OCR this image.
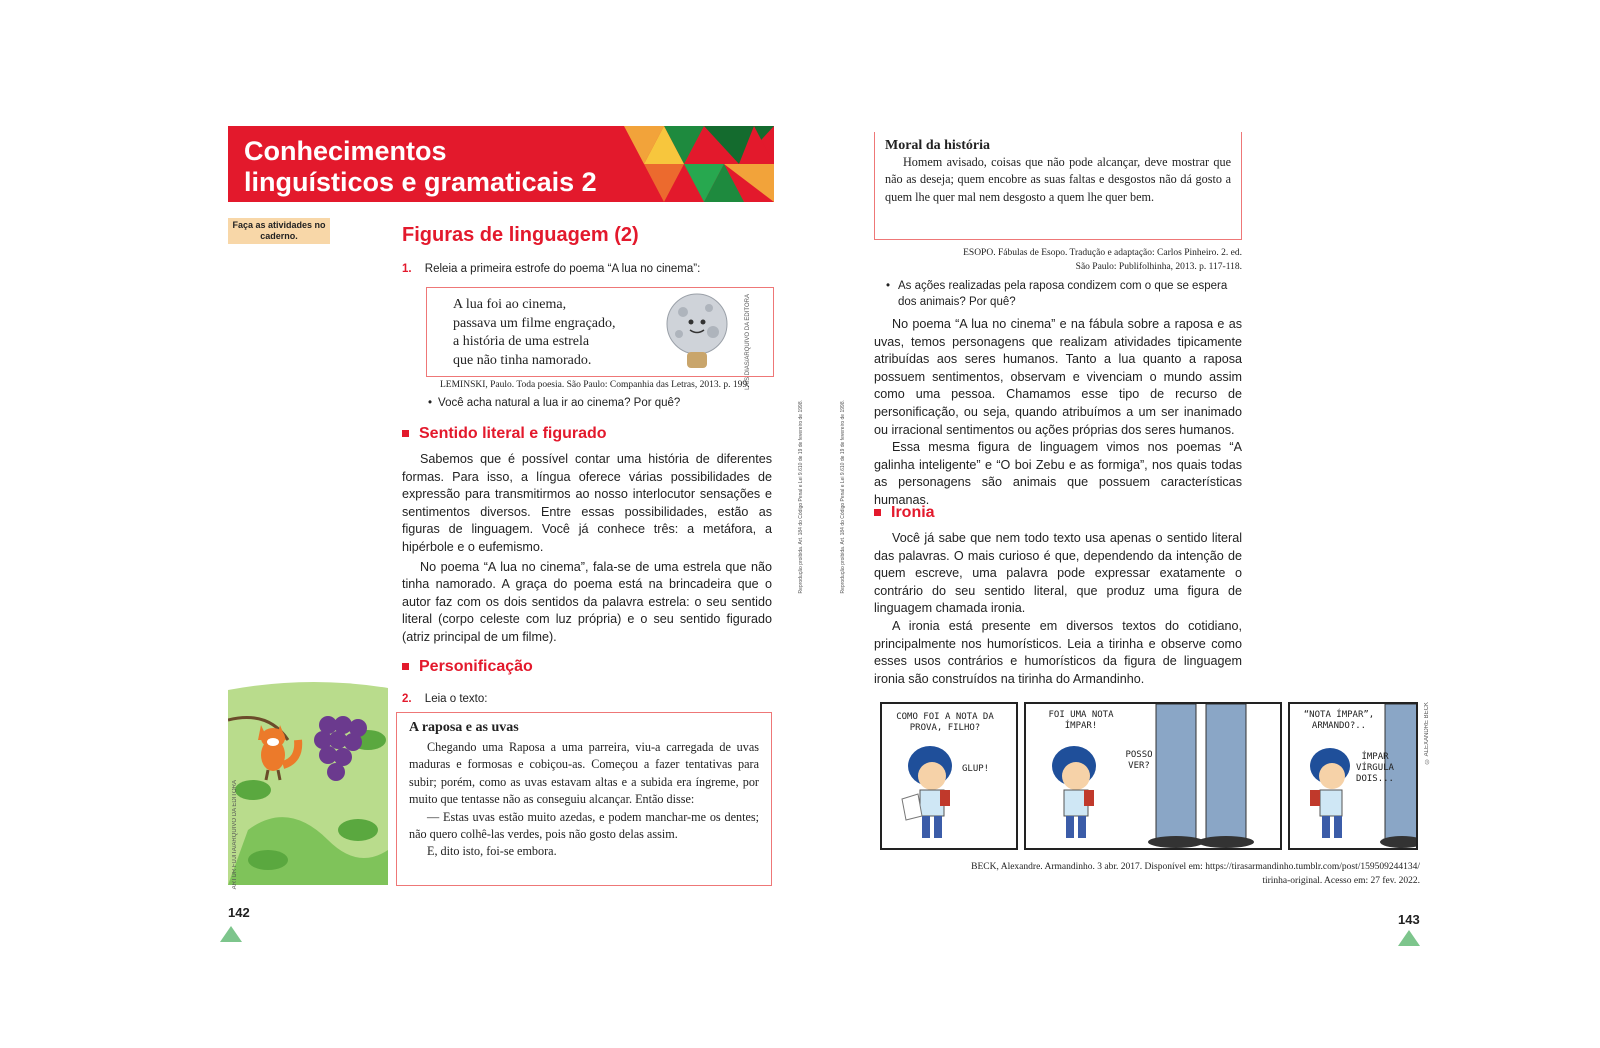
Conhecimentos
linguísticos e gramaticais 2
Faça as atividades no caderno.	Figuras de linguagem (2)
1. Releia a primeira estrofe do poema “A lua no cinema”:
A lua foi ao cinema,
passava um filme engraçado,
a história de uma estrela
que não tinha namorado.	LAÍS DIAS/ARQUIVO DA EDITORA
LEMINSKI, Paulo. Toda poesia. São Paulo: Companhia das Letras, 2013. p. 199.
• Você acha natural a lua ir ao cinema? Por quê?
Sentido literal e figurado

Sabemos que é possível contar uma história de diferentes formas. Para isso, a língua oferece várias possibilidades de expressão para transmitirmos ao nosso interlocutor sensações e sentimentos diversos. Entre essas possibilidades, estão as figuras de linguagem. Você já conhece três: a metáfora, a hipérbole e o eufemismo.

No poema “A lua no cinema”, fala-se de uma estrela que não tinha namorado. A graça do poema está na brincadeira que o autor faz com os dois sentidos da palavra estrela: o seu sentido literal (corpo celeste com luz própria) e o seu sentido figurado (atriz principal de um filme).

Personificação
2. Leia o texto:
A raposa e as uvas

Chegando uma Raposa a uma parreira, viu-a carregada de uvas maduras e formosas e cobiçou-as. Começou a fazer tentativas para subir; porém, como as uvas estavam altas e a subida era íngreme, por muito que tentasse não as conseguiu alcançar. Então disse:

— Estas uvas estão muito azedas, e podem manchar-me os dentes; não quero colhê-las verdes, pois não gosto delas assim.

E, dito isto, foi-se embora.

ARTUR FUJITA/ARQUIVO DA EDITORA
Reprodução proibida. Art. 184 do Código Penal e Lei 9.610 de 19 de fevereiro de 1998.
142
Reprodução proibida. Art. 184 do Código Penal e Lei 9.610 de 19 de fevereiro de 1998.
Moral da história

Homem avisado, coisas que não pode alcançar, deve mostrar que não as deseja; quem encobre as suas faltas e desgostos não dá gosto a quem lhe quer mal nem desgosto a quem lhe quer bem.

ESOPO. Fábulas de Esopo. Tradução e adaptação: Carlos Pinheiro. 2. ed.
São Paulo: Publifolhinha, 2013. p. 117-118.
• As ações realizadas pela raposa condizem com o que se espera dos animais? Por quê?

No poema “A lua no cinema” e na fábula sobre a raposa e as uvas, temos personagens que realizam atividades tipicamente atribuídas aos seres humanos. Tanto a lua quanto a raposa possuem sentimentos, observam e vivenciam o mundo assim como uma pessoa. Chamamos esse tipo de recurso de personificação, ou seja, quando atribuímos a um ser inanimado ou irracional sentimentos ou ações próprias dos seres humanos.

Essa mesma figura de linguagem vimos nos poemas “A galinha inteligente” e “O boi Zebu e as formiga”, nos quais todas as personagens são animais que possuem características humanas.

Ironia

Você já sabe que nem todo texto usa apenas o sentido literal das palavras. O mais curioso é que, dependendo da intenção de quem escreve, uma palavra pode expressar exatamente o contrário do seu sentido literal, que produz uma figura de linguagem chamada ironia.

A ironia está presente em diversos textos do cotidiano, principalmente nos humorísticos. Leia a tirinha e observe como esses usos contrários e humorísticos da figura de linguagem ironia são construídos na tirinha do Armandinho.

COMO FOI A NOTA DA PROVA, FILHO?
GLUP!
FOI UMA NOTA ÍMPAR!
POSSO VER?
“NOTA ÍMPAR”, ARMANDO?..
ÍMPAR VÍRGULA DOIS...
© ALEXANDRE BECK
BECK, Alexandre. Armandinho. 3 abr. 2017. Disponível em: https://tirasarmandinho.tumblr.com/post/159509244134/
tirinha-original. Acesso em: 27 fev. 2022.
143
